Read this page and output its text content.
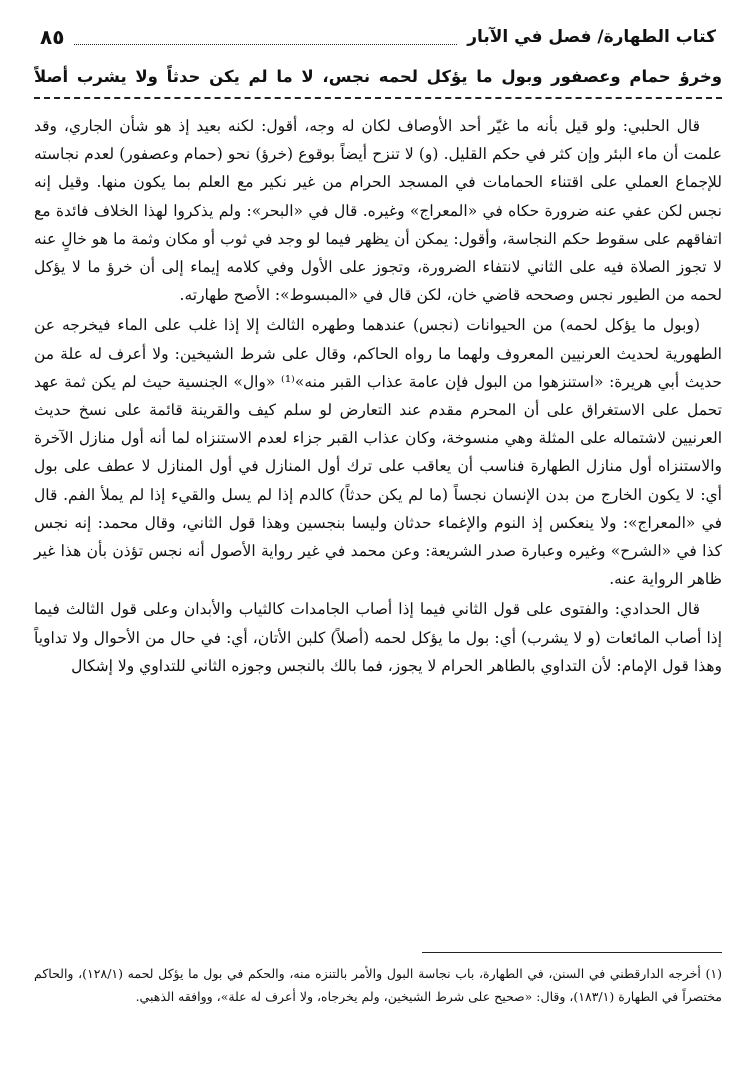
كتاب الطهارة/ فصل في الآبار
٨٥
وخرؤ حمام وعصفور وبول ما يؤكل لحمه نجس، لا ما لم يكن حدثاً ولا يشرب أصلاً

قال الحلبي: ولو قيل بأنه ما غيّر أحد الأوصاف لكان له وجه، أقول: لكنه بعيد إذ هو شأن الجاري، وقد علمت أن ماء البئر وإن كثر في حكم القليل. (و) لا تنزح أيضاً بوقوع (خرؤ) نحو (حمام وعصفور) لعدم نجاسته للإجماع العملي على اقتناء الحمامات في المسجد الحرام من غير نكير مع العلم بما يكون منها. وقيل إنه نجس لكن عفي عنه ضرورة حكاه في «المعراج» وغيره. قال في «البحر»: ولم يذكروا لهذا الخلاف فائدة مع اتفاقهم على سقوط حكم النجاسة، وأقول: يمكن أن يظهر فيما لو وجد في ثوب أو مكان وثمة ما هو خالٍ عنه لا تجوز الصلاة فيه على الثاني لانتفاء الضرورة، وتجوز على الأول وفي كلامه إيماء إلى أن خرؤ ما لا يؤكل لحمه من الطيور نجس وصححه قاضي خان، لكن قال في «المبسوط»: الأصح طهارته.

(وبول ما يؤكل لحمه) من الحيوانات (نجس) عندهما وطهره الثالث إلا إذا غلب على الماء فيخرجه عن الطهورية لحديث العرنيين المعروف ولهما ما رواه الحاكم، وقال على شرط الشيخين: ولا أعرف له علة من حديث أبي هريرة: «استنزهوا من البول فإن عامة عذاب القبر منه»⁽¹⁾ «وال» الجنسية حيث لم يكن ثمة عهد تحمل على الاستغراق على أن المحرم مقدم عند التعارض لو سلم كيف والقرينة قائمة على نسخ حديث العرنيين لاشتماله على المثلة وهي منسوخة، وكان عذاب القبر جزاء لعدم الاستنزاه لما أنه أول منازل الآخرة والاستنزاه أول منازل الطهارة فناسب أن يعاقب على ترك أول المنازل في أول المنازل لا عطف على بول أي: لا يكون الخارج من بدن الإنسان نجساً (ما لم يكن حدثاً) كالدم إذا لم يسل والقيء إذا لم يملأ الفم. قال في «المعراج»: ولا ينعكس إذ النوم والإغماء حدثان وليسا بنجسين وهذا قول الثاني، وقال محمد: إنه نجس كذا في «الشرح» وغيره وعبارة صدر الشريعة: وعن محمد في غير رواية الأصول أنه نجس تؤذن بأن هذا غير ظاهر الرواية عنه.

قال الحدادي: والفتوى على قول الثاني فيما إذا أصاب الجامدات كالثياب والأبدان وعلى قول الثالث فيما إذا أصاب المائعات (و لا يشرب) أي: بول ما يؤكل لحمه (أصلاً) كلبن الأتان، أي: في حال من الأحوال ولا تداوياً وهذا قول الإمام: لأن التداوي بالطاهر الحرام لا يجوز، فما بالك بالنجس وجوزه الثاني للتداوي ولا إشكال

(١) أخرجه الدارقطني في السنن، في الطهارة، باب نجاسة البول والأمر بالتنزه منه، والحكم في بول ما يؤكل لحمه (١٢٨/١)، والحاكم مختصراً في الطهارة (١٨٣/١)، وقال: «صحيح على شرط الشيخين، ولم يخرجاه، ولا أعرف له علة»، ووافقه الذهبي.
